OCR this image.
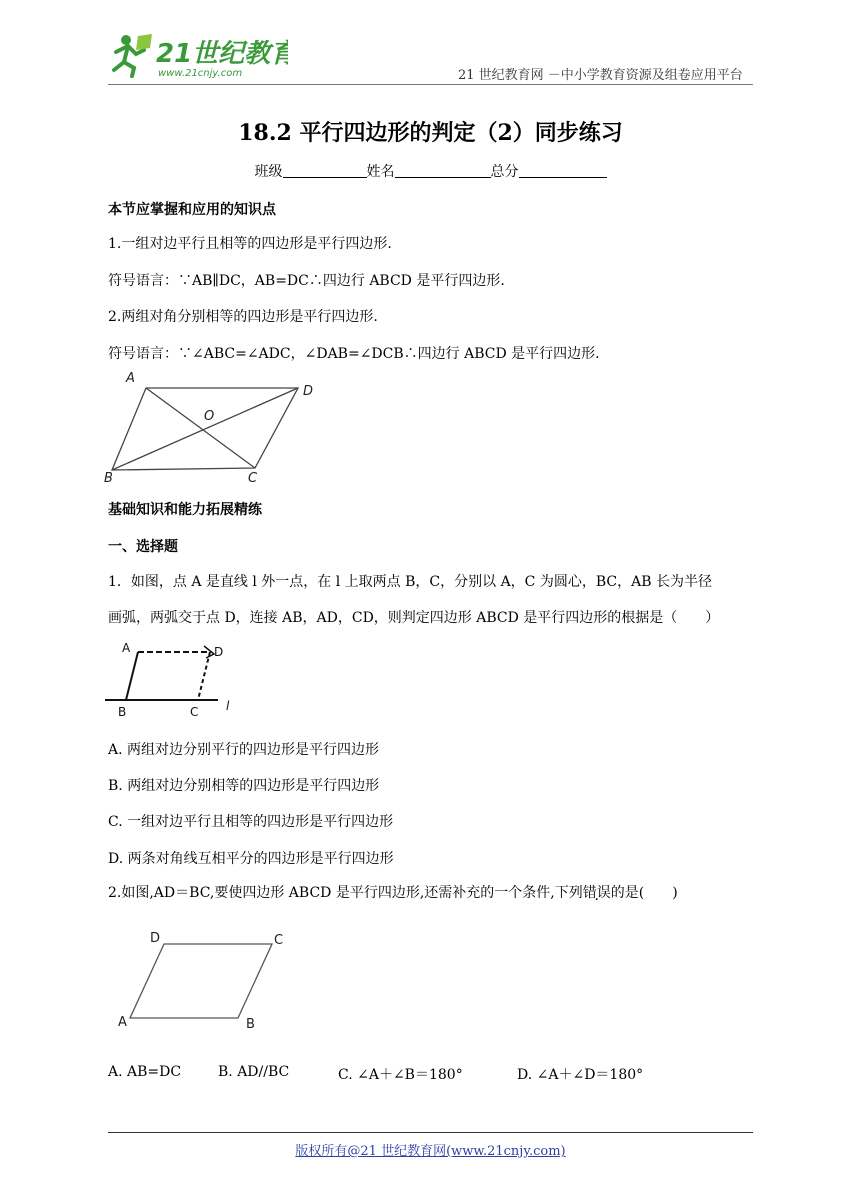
21世纪教育
www.21cnjy.com	21 世纪教育网 －中小学教育资源及组卷应用平台
18.2 平行四边形的判定（2）同步练习
班级	姓名	总分
本节应掌握和应用的知识点
1.一组对边平行且相等的四边形是平行四边形.
符号语言：∵AB∥DC，AB=DC∴四边行 ABCD 是平行四边形.
2.两组对角分别相等的四边形是平行四边形.
符号语言：∵∠ABC=∠ADC，∠DAB=∠DCB∴四边行 ABCD 是平行四边形.
A
D
O
B	C
基础知识和能力拓展精练
一、选择题
1．如图，点 A 是直线 l 外一点，在 l 上取两点 B，C，分别以 A，C 为圆心，BC，AB 长为半径
画弧，两弧交于点 D，连接 AB，AD，CD，则判定四边形 ABCD 是平行四边形的根据是（　　）
A	D
B	C l
A. 两组对边分别平行的四边形是平行四边形
B. 两组对边分别相等的四边形是平行四边形
C. 一组对边平行且相等的四边形是平行四边形
D. 两条对角线互相平分的四边形是平行四边形
2.如图,AD＝BC,要使四边形 ABCD 是平行四边形,还需补充的一个条件,下列错误的是(　　)
D	C
A	B
A. AB=DC	B. AD//BC	C. ∠A＋∠B＝180°	D. ∠A＋∠D＝180°
版权所有@21 世纪教育网(www.21cnjy.com)
